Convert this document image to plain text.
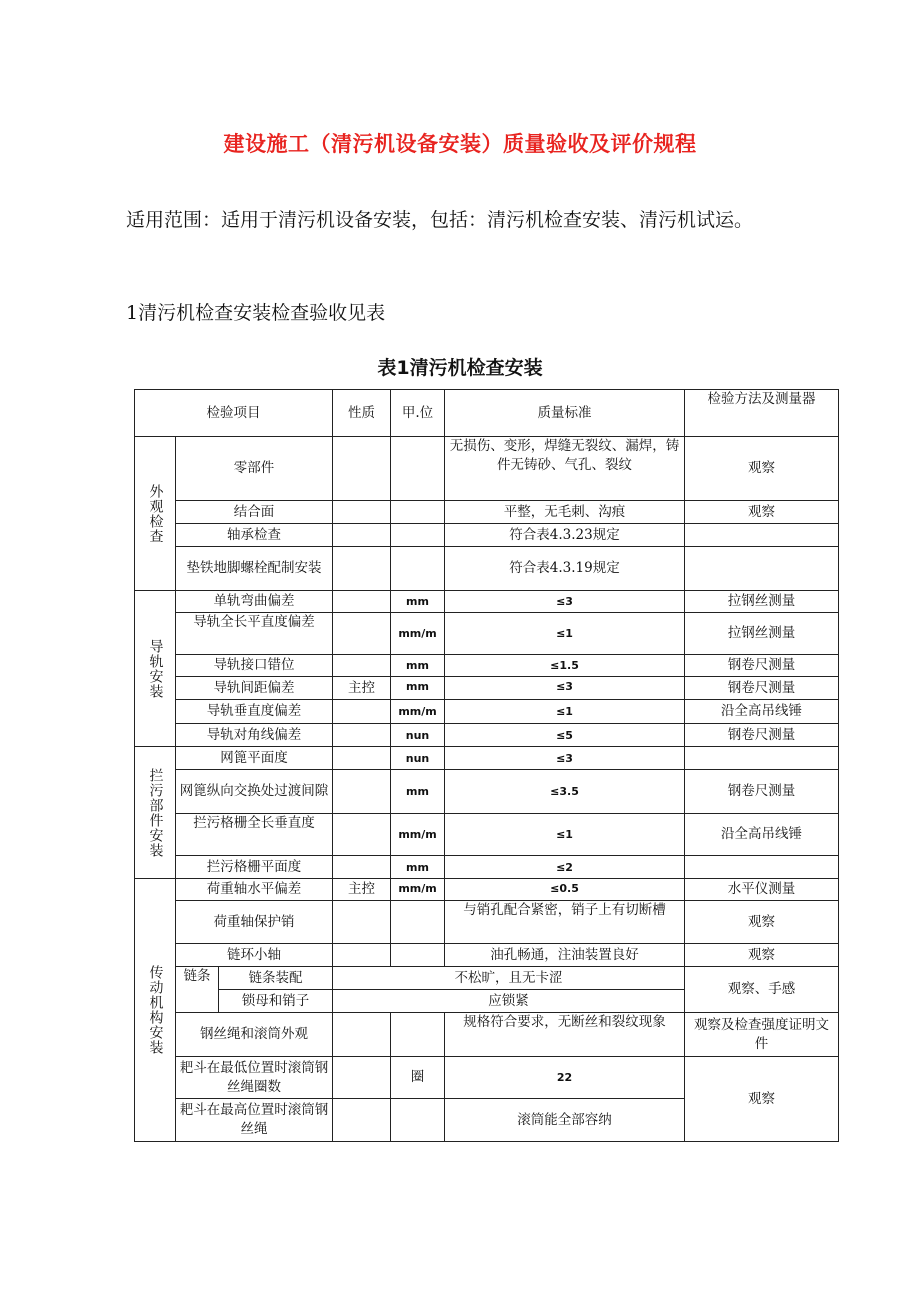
建设施工（清污机设备安装）质量验收及评价规程
适用范围：适用于清污机设备安装，包括：清污机检查安装、清污机试运。
1清污机检查安装检查验收见表
表1清污机检查安装
检验项目			性质	甲.位	质量标准	检验方法及测量器

外观检查	零部件				无损伤、变形，焊缝无裂纹、漏焊，铸件无铸砂、气孔、裂纹	观察
	结合面				平整，无毛刺、沟痕	观察
	轴承检查				符合表4.3.23规定	
	垫铁地脚螺栓配制安装				符合表4.3.19规定	

导轨安装	单轨弯曲偏差			mm	≤3	拉钢丝测量
	导轨全长平直度偏差			mm/m	≤1	拉钢丝测量
	导轨接口错位			mm	≤1.5	钢卷尺测量
	导轨间距偏差		主控	mm	≤3	钢卷尺测量
	导轨垂直度偏差			mm/m	≤1	沿全高吊线锤
	导轨对角线偏差			nun	≤5	钢卷尺测量

拦污部件安装	网篦平面度			nun	≤3	
	网篦纵向交换处过渡间隙			mm	≤3.5	钢卷尺测量
	拦污格栅全长垂直度			mm/m	≤1	沿全高吊线锤
	拦污格栅平面度			mm	≤2	

传动机构安装	荷重轴水平偏差		主控	mm/m	≤0.5	水平仪测量
	荷重轴保护销				与销孔配合紧密，销子上有切断槽	观察
	链环小轴				油孔畅通，注油装置良好	观察
	链条	链条装配	不松旷，且无卡涩			观察、手感
		锁母和销子	应锁紧			
	钢丝绳和滚筒外观				规格符合要求，无断丝和裂纹现象	观察及检查强度证明文件
	耙斗在最低位置时滚筒钢丝绳圈数			圈	22	观察
	耙斗在最高位置时滚筒钢丝绳				滚筒能全部容纳	
